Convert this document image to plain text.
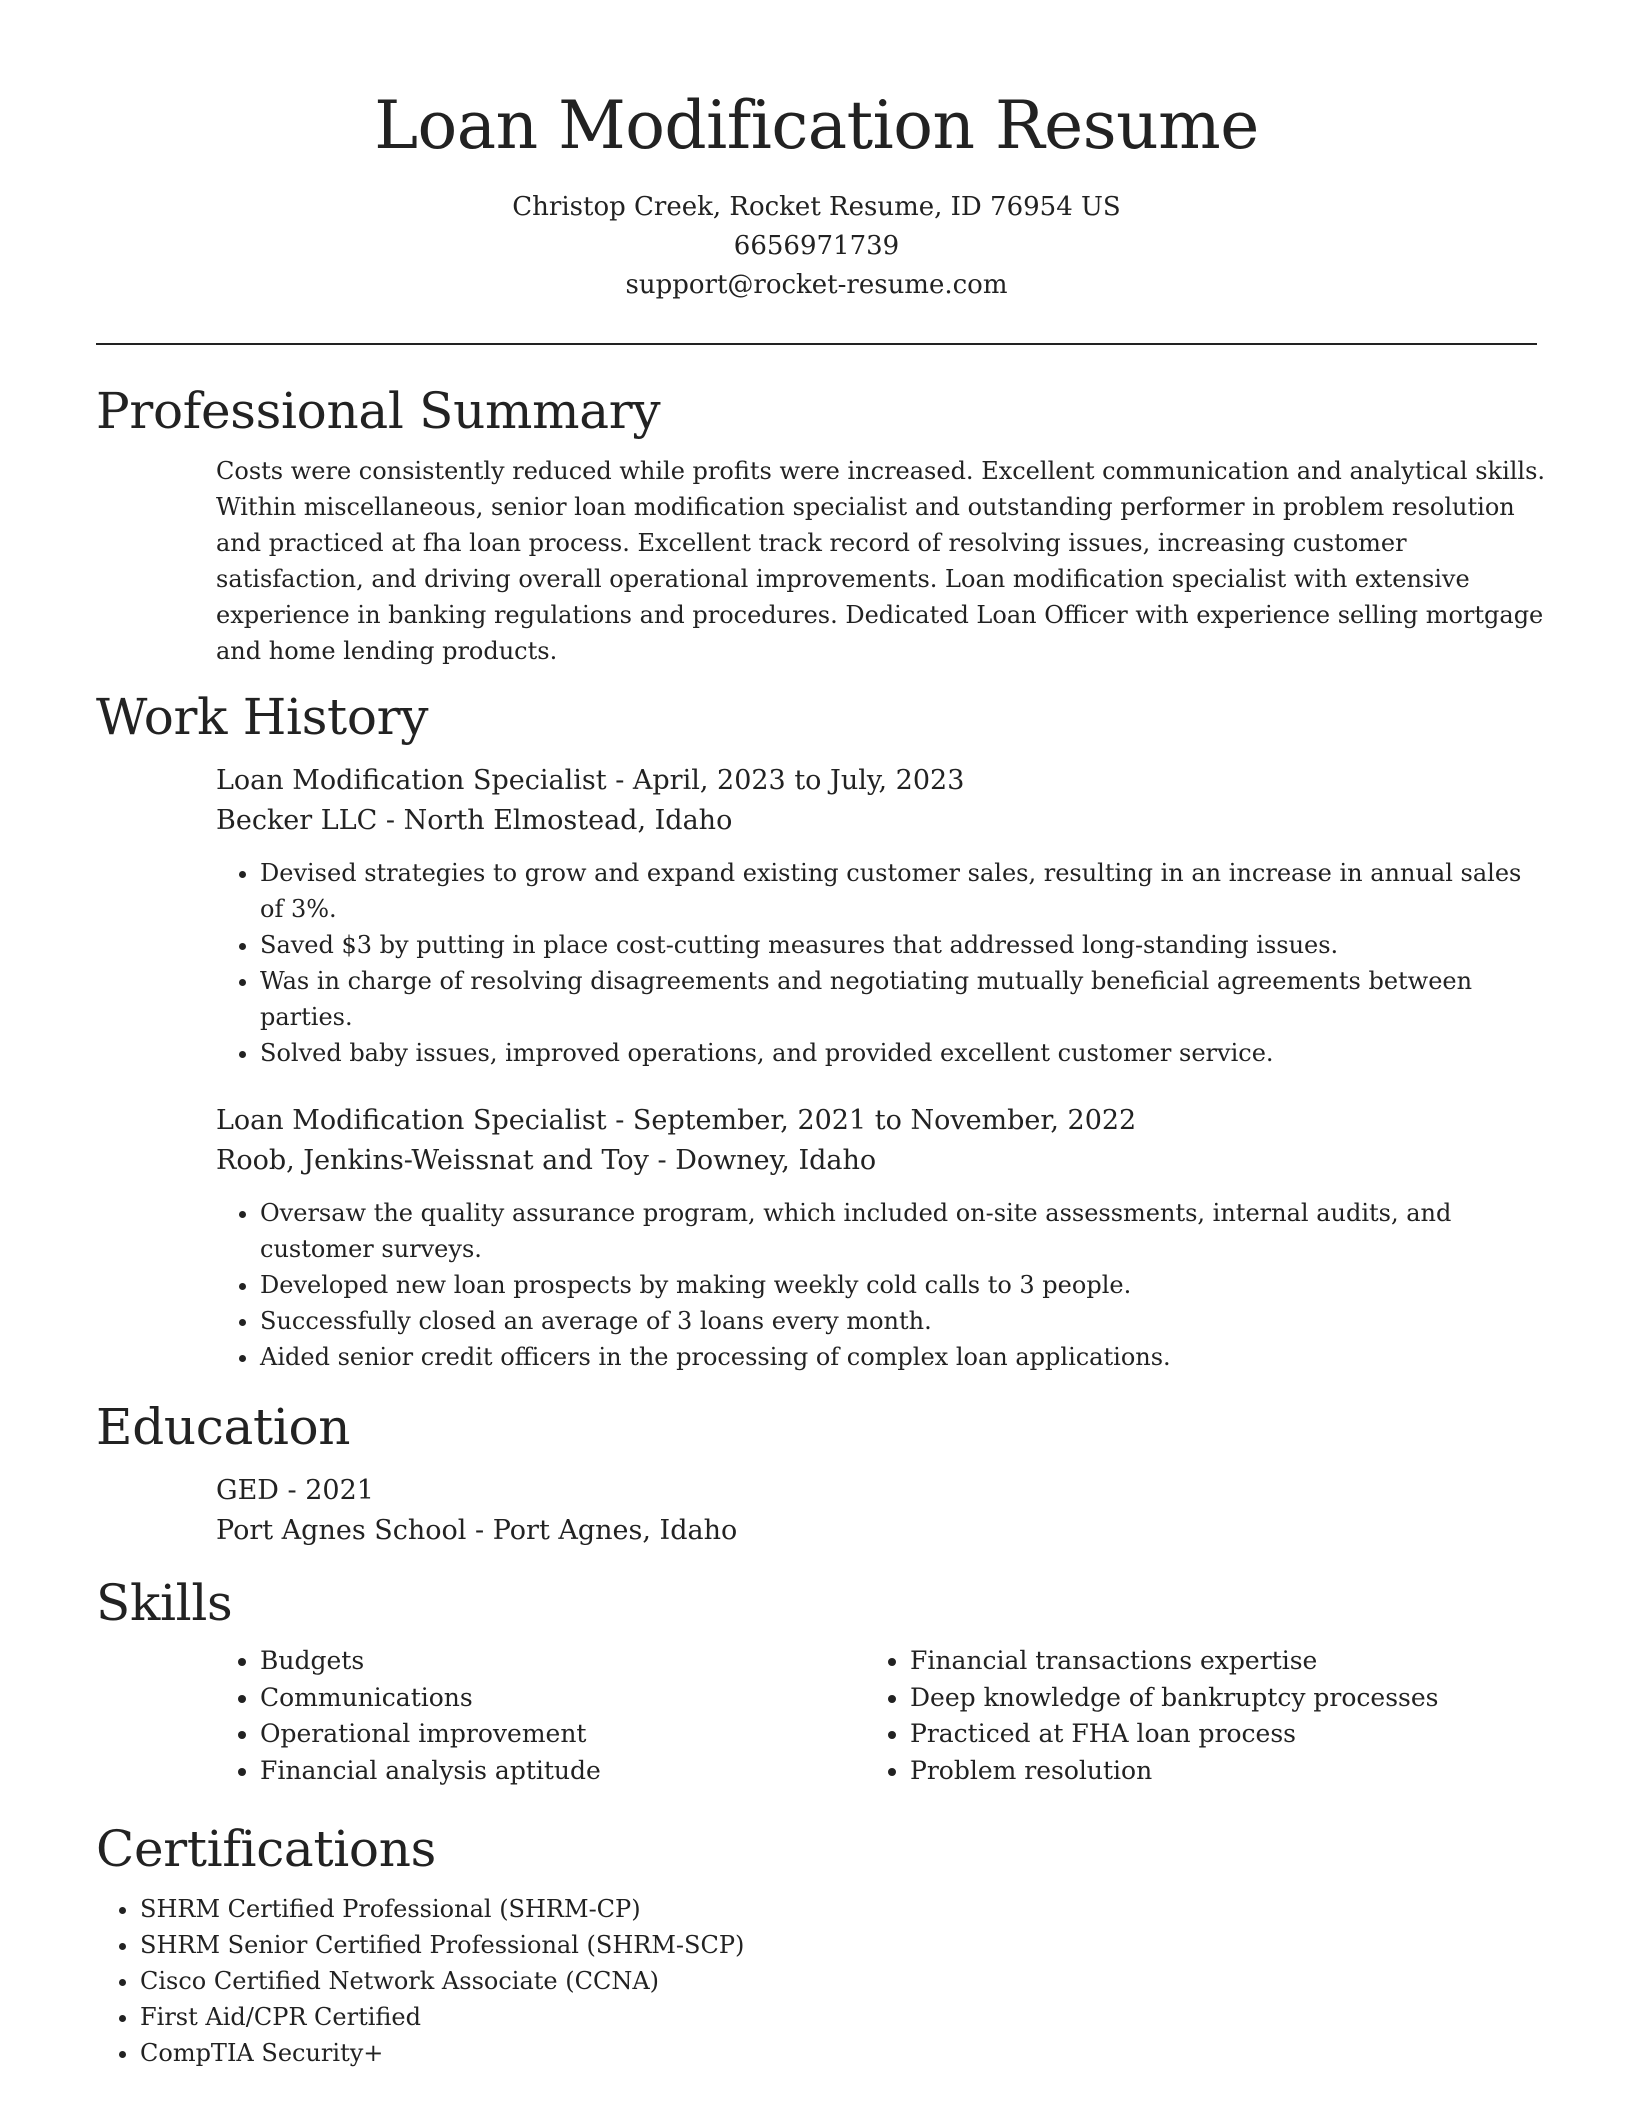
Loan Modification Resume

Christop Creek, Rocket Resume, ID 76954 US

6656971739

support@rocket-resume.com

Professional Summary

Costs were consistently reduced while profits were increased. Excellent communication and analytical skills. Within miscellaneous, senior loan modification specialist and outstanding performer in problem resolution and practiced at fha loan process. Excellent track record of resolving issues, increasing customer satisfaction, and driving overall operational improvements. Loan modification specialist with extensive experience in banking regulations and procedures. Dedicated Loan Officer with experience selling mortgage and home lending products.

Work History

Loan Modification Specialist - April, 2023 to July, 2023

Becker LLC - North Elmostead, Idaho

• Devised strategies to grow and expand existing customer sales, resulting in an increase in annual sales of 3%.
• Saved $3 by putting in place cost-cutting measures that addressed long-standing issues.
• Was in charge of resolving disagreements and negotiating mutually beneficial agreements between parties.
• Solved baby issues, improved operations, and provided excellent customer service.

Loan Modification Specialist - September, 2021 to November, 2022

Roob, Jenkins-Weissnat and Toy - Downey, Idaho

• Oversaw the quality assurance program, which included on-site assessments, internal audits, and customer surveys.
• Developed new loan prospects by making weekly cold calls to 3 people.
• Successfully closed an average of 3 loans every month.
• Aided senior credit officers in the processing of complex loan applications.
Education

GED - 2021

Port Agnes School - Port Agnes, Idaho

Skills
• Budgets
• Communications
• Operational improvement
• Financial analysis aptitude
• Financial transactions expertise
• Deep knowledge of bankruptcy processes
• Practiced at FHA loan process
• Problem resolution
Certifications
• SHRM Certified Professional (SHRM-CP)
• SHRM Senior Certified Professional (SHRM-SCP)
• Cisco Certified Network Associate (CCNA)
• First Aid/CPR Certified
• CompTIA Security+
